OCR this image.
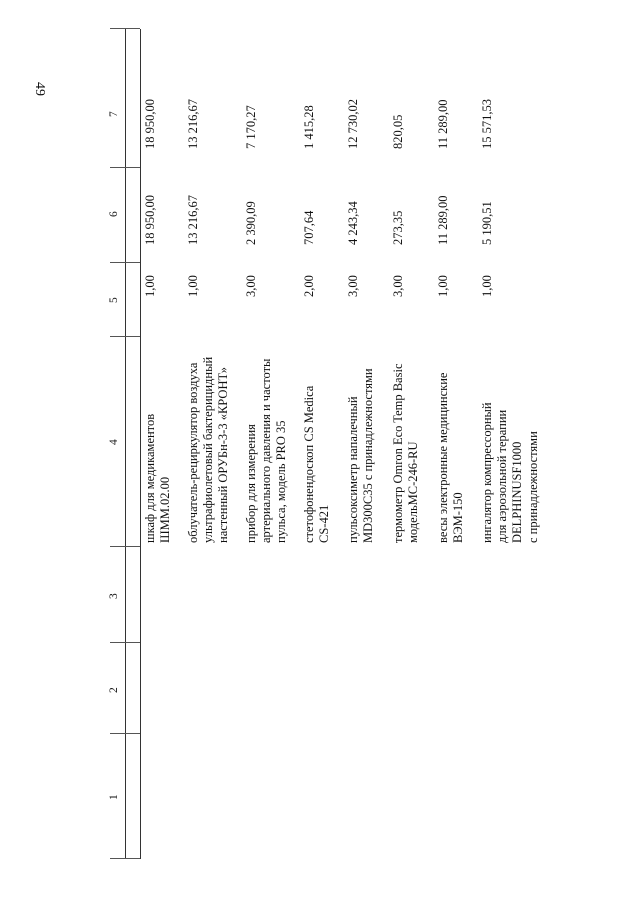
49
1
2
3
4
5
6
7
шкаф для медикаментов ШММ.02.00
1,00
18 950,00
18 950,00
облучатель-рециркулятор воздуха ультрафиолетовый бактерицидный настенный ОРУБн-3-3 «КРОНТ»
1,00
13 216,67
13 216,67
прибор для измерения артериального давления и частоты пульса, модель PRO 35
3,00
2 390,09
7 170,27
стетофонендоскоп CS Medica CS-421
2,00
707,64
1 415,28
пульсоксиметр напалечный MD300C35 с принадлежностями
3,00
4 243,34
12 730,02
термометр Omron Eco Temp Basic модельMC-246-RU
3,00
273,35
820,05
весы электронные медицинские ВЭМ-150
1,00
11 289,00
11 289,00
ингалятор компрессорный для аэрозольной терапии DELPHINUSF1000 с принадлежностями
1,00
5 190,51
15 571,53
